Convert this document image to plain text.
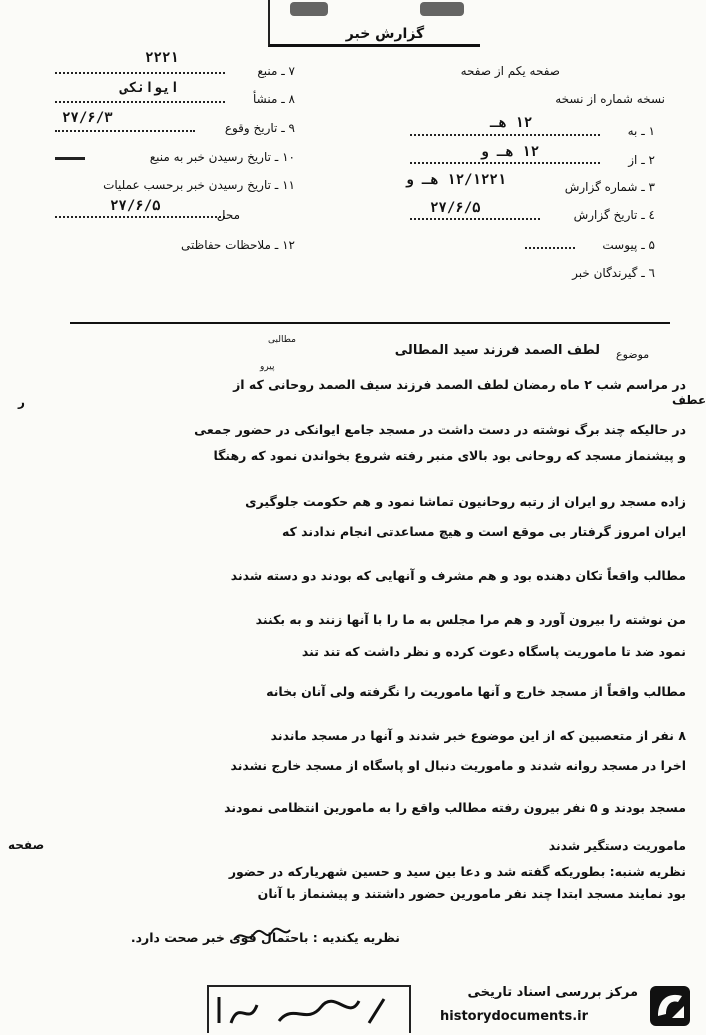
گزارش خبر
صفحه یکم از صفحه
نسخه شماره از نسخه
۱ ـ به
۱۲ هـ
۲ ـ از
۱۲ هـ و
۳ ـ شماره گزارش
۱۲/۱۲۲۱ هـ و
٤ ـ تاریخ گزارش
۲۷/۶/۵
۵ ـ پیوست
٦ ـ گیرندگان خبر
۷ ـ منبع
۲۲۲۱
۸ ـ منشأ
ایوانکی
۹ ـ تاریخ وقوع
۲۷/۶/۳
۱۰ ـ تاریخ رسیدن خبر به منبع
۱۱ ـ تاریخ رسیدن خبر برحسب عملیات
محل
۲۷/۶/۵
۱۲ ـ ملاحظات حفاظتی
موضوع
لطف الصمد فرزند سید المطالی
مطالبی
پیرو
عطف
ر
صفحه
در مراسم شب ۲ ماه رمضان لطف الصمد فرزند سیف الصمد روحانی که از
در حالیکه چند برگ نوشته در دست داشت در مسجد جامع ایوانکی در حضور جمعی
و پیشنماز مسجد که روحانی بود بالای منبر رفته شروع بخواندن نمود که رهنگا
زاده مسجد رو ایران از رتبه روحانیون تماشا نمود و هم حکومت جلوگیری
ایران امروز گرفتار بی موقع است و هیچ مساعدتی انجام ندادند که
مطالب واقعاً تکان دهنده بود و هم مشرف و آنهایی که بودند دو دسته شدند
من نوشته را بیرون آورد و هم مرا مجلس به ما را با آنها زنند و به بکنند
نمود ضد تا ماموریت پاسگاه دعوت کرده و نظر داشت که تند تند
مطالب واقعاً از مسجد خارج و آنها ماموریت را نگرفته ولی آنان بخانه
۸ نفر از متعصبین که از این موضوع خبر شدند و آنها در مسجد ماندند
اخرا در مسجد روانه شدند و ماموریت دنبال او پاسگاه از مسجد خارج نشدند
مسجد بودند و ۵ نفر بیرون رفته مطالب واقع را به مامورین انتظامی نمودند
ماموریت دستگیر شدند
نظریه شنبه: بطوریکه گفته شد و دعا بین سید و حسین شهریارکه در حضور
بود نمایند مسجد ابتدا چند نفر مامورین حضور داشتند و پیشنماز با آنان
نظریه یکندیه : باحتمال قوی خبر صحت دارد.
مرکز بررسی اسناد تاریخی
historydocuments.ir
